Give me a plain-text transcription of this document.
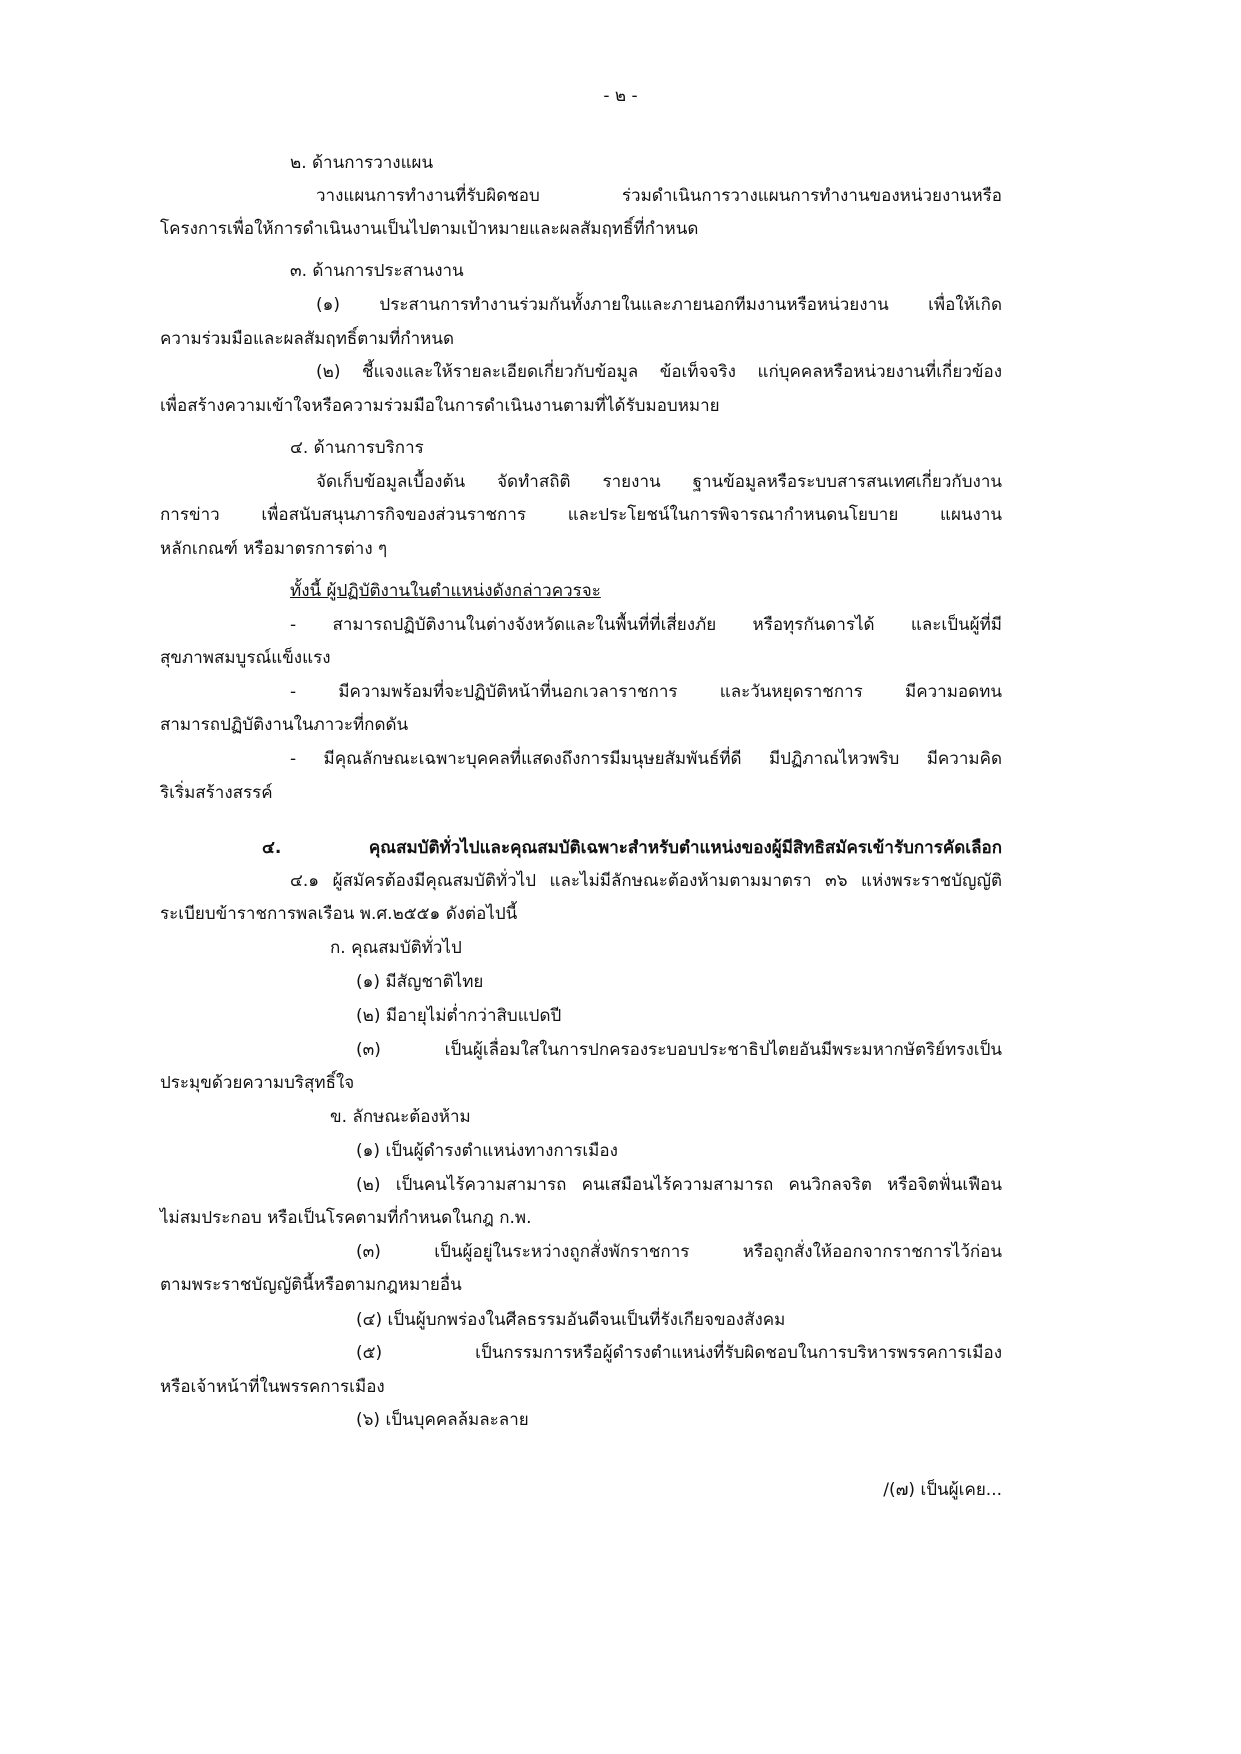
- ๒ -
๒. ด้านการวางแผน
วางแผนการทำงานที่รับผิดชอบ ร่วมดำเนินการวางแผนการทำงานของหน่วยงานหรือ
โครงการเพื่อให้การดำเนินงานเป็นไปตามเป้าหมายและผลสัมฤทธิ์ที่กำหนด
๓. ด้านการประสานงาน
(๑) ประสานการทำงานร่วมกันทั้งภายในและภายนอกทีมงานหรือหน่วยงาน เพื่อให้เกิด
ความร่วมมือและผลสัมฤทธิ์ตามที่กำหนด
(๒) ชี้แจงและให้รายละเอียดเกี่ยวกับข้อมูล ข้อเท็จจริง แก่บุคคลหรือหน่วยงานที่เกี่ยวข้อง
เพื่อสร้างความเข้าใจหรือความร่วมมือในการดำเนินงานตามที่ได้รับมอบหมาย
๔. ด้านการบริการ
จัดเก็บข้อมูลเบื้องต้น จัดทำสถิติ รายงาน ฐานข้อมูลหรือระบบสารสนเทศเกี่ยวกับงาน
การข่าว เพื่อสนับสนุนภารกิจของส่วนราชการ และประโยชน์ในการพิจารณากำหนดนโยบาย แผนงาน
หลักเกณฑ์ หรือมาตรการต่าง ๆ
ทั้งนี้ ผู้ปฏิบัติงานในตำแหน่งดังกล่าวควรจะ
- สามารถปฏิบัติงานในต่างจังหวัดและในพื้นที่ที่เสี่ยงภัย หรือทุรกันดารได้ และเป็นผู้ที่มี
สุขภาพสมบูรณ์แข็งแรง
- มีความพร้อมที่จะปฏิบัติหน้าที่นอกเวลาราชการ และวันหยุดราชการ มีความอดทน
สามารถปฏิบัติงานในภาวะที่กดดัน
- มีคุณลักษณะเฉพาะบุคคลที่แสดงถึงการมีมนุษยสัมพันธ์ที่ดี มีปฏิภาณไหวพริบ มีความคิด
ริเริ่มสร้างสรรค์
๔. คุณสมบัติทั่วไปและคุณสมบัติเฉพาะสำหรับตำแหน่งของผู้มีสิทธิสมัครเข้ารับการคัดเลือก
๔.๑ ผู้สมัครต้องมีคุณสมบัติทั่วไป และไม่มีลักษณะต้องห้ามตามมาตรา ๓๖ แห่งพระราชบัญญัติ
ระเบียบข้าราชการพลเรือน พ.ศ.๒๕๕๑ ดังต่อไปนี้
ก. คุณสมบัติทั่วไป
(๑) มีสัญชาติไทย
(๒) มีอายุไม่ต่ำกว่าสิบแปดปี
(๓) เป็นผู้เลื่อมใสในการปกครองระบอบประชาธิปไตยอันมีพระมหากษัตริย์ทรงเป็น
ประมุขด้วยความบริสุทธิ์ใจ
ข. ลักษณะต้องห้าม
(๑) เป็นผู้ดำรงตำแหน่งทางการเมือง
(๒) เป็นคนไร้ความสามารถ คนเสมือนไร้ความสามารถ คนวิกลจริต หรือจิตฟั่นเฟือน
ไม่สมประกอบ หรือเป็นโรคตามที่กำหนดในกฎ ก.พ.
(๓) เป็นผู้อยู่ในระหว่างถูกสั่งพักราชการ หรือถูกสั่งให้ออกจากราชการไว้ก่อน
ตามพระราชบัญญัตินี้หรือตามกฎหมายอื่น
(๔) เป็นผู้บกพร่องในศีลธรรมอันดีจนเป็นที่รังเกียจของสังคม
(๕) เป็นกรรมการหรือผู้ดำรงตำแหน่งที่รับผิดชอบในการบริหารพรรคการเมือง
หรือเจ้าหน้าที่ในพรรคการเมือง
(๖) เป็นบุคคลล้มละลาย
/(๗) เป็นผู้เคย...
